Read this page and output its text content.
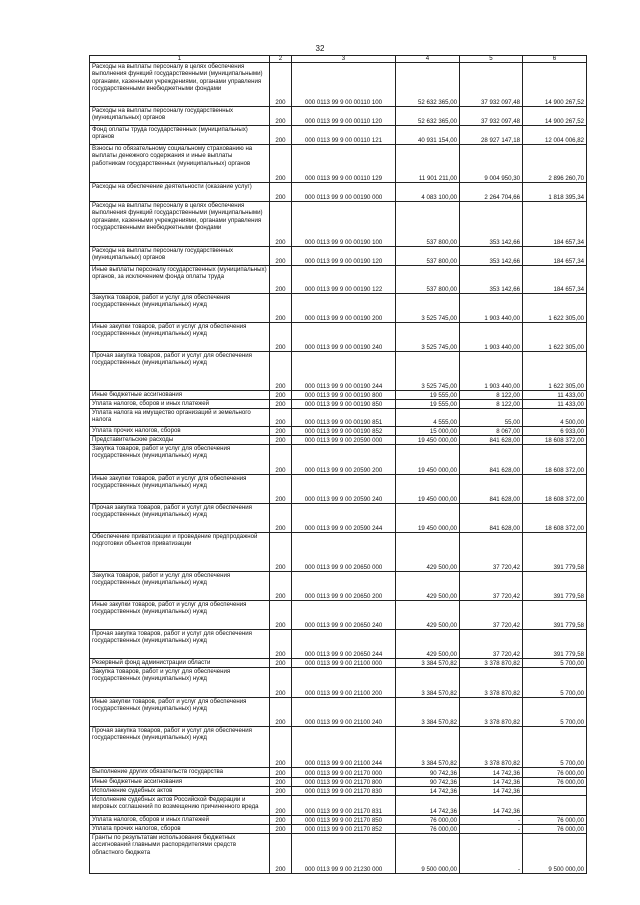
32
1	2	3	4	5	6
Расходы на выплаты персоналу в целях обеспечения выполнения функций государственными (муниципальными) органами, казенными учреждениями, органами управления государственными внебюджетными фондами	200	000 0113 99 9 00 00110 100	52 632 365,00	37 932 097,48	14 900 267,52
Расходы на выплаты персоналу государственных (муниципальных) органов	200	000 0113 99 9 00 00110 120	52 632 365,00	37 932 097,48	14 900 267,52
Фонд оплаты труда государственных (муниципальных) органов	200	000 0113 99 9 00 00110 121	40 931 154,00	28 927 147,18	12 004 006,82
Взносы по обязательному социальному страхованию на выплаты денежного содержания и иные выплаты работникам государственных (муниципальных) органов	200	000 0113 99 9 00 00110 129	11 901 211,00	9 004 950,30	2 896 260,70
Расходы на обеспечение деятельности (оказание услуг)	200	000 0113 99 9 00 00190 000	4 083 100,00	2 264 704,66	1 818 395,34
Расходы на выплаты персоналу в целях обеспечения выполнения функций государственными (муниципальными) органами, казенными учреждениями, органами управления государственными внебюджетными фондами	200	000 0113 99 9 00 00190 100	537 800,00	353 142,66	184 657,34
Расходы на выплаты персоналу государственных (муниципальных) органов	200	000 0113 99 9 00 00190 120	537 800,00	353 142,66	184 657,34
Иные выплаты персоналу государственных (муниципальных) органов, за исключением фонда оплаты труда	200	000 0113 99 9 00 00190 122	537 800,00	353 142,66	184 657,34
Закупка товаров, работ и услуг для обеспечения государственных (муниципальных) нужд	200	000 0113 99 9 00 00190 200	3 525 745,00	1 903 440,00	1 622 305,00
Иные закупки товаров, работ и услуг для обеспечения государственных (муниципальных) нужд	200	000 0113 99 9 00 00190 240	3 525 745,00	1 903 440,00	1 622 305,00
Прочая закупка товаров, работ и услуг для обеспечения государственных (муниципальных) нужд	200	000 0113 99 9 00 00190 244	3 525 745,00	1 903 440,00	1 622 305,00
Иные бюджетные ассигнования	200	000 0113 99 9 00 00190 800	19 555,00	8 122,00	11 433,00
Уплата налогов, сборов и иных платежей	200	000 0113 99 9 00 00190 850	19 555,00	8 122,00	11 433,00
Уплата налога на имущество организаций и земельного налога	200	000 0113 99 9 00 00190 851	4 555,00	55,00	4 500,00
Уплата прочих налогов, сборов	200	000 0113 99 9 00 00190 852	15 000,00	8 067,00	6 933,00
Представительские расходы	200	000 0113 99 9 00 20590 000	19 450 000,00	841 628,00	18 608 372,00
Закупка товаров, работ и услуг для обеспечения государственных (муниципальных) нужд	200	000 0113 99 9 00 20590 200	19 450 000,00	841 628,00	18 608 372,00
Иные закупки товаров, работ и услуг для обеспечения государственных (муниципальных) нужд	200	000 0113 99 9 00 20590 240	19 450 000,00	841 628,00	18 608 372,00
Прочая закупка товаров, работ и услуг для обеспечения государственных (муниципальных) нужд	200	000 0113 99 9 00 20590 244	19 450 000,00	841 628,00	18 608 372,00
Обеспечение приватизации и проведение предпродажной подготовки объектов приватизации	200	000 0113 99 9 00 20650 000	429 500,00	37 720,42	391 779,58
Закупка товаров, работ и услуг для обеспечения государственных (муниципальных) нужд	200	000 0113 99 9 00 20650 200	429 500,00	37 720,42	391 779,58
Иные закупки товаров, работ и услуг для обеспечения государственных (муниципальных) нужд	200	000 0113 99 9 00 20650 240	429 500,00	37 720,42	391 779,58
Прочая закупка товаров, работ и услуг для обеспечения государственных (муниципальных) нужд	200	000 0113 99 9 00 20650 244	429 500,00	37 720,42	391 779,58
Резервный фонд администрации области	200	000 0113 99 9 00 21100 000	3 384 570,82	3 378 870,82	5 700,00
Закупка товаров, работ и услуг для обеспечения государственных (муниципальных) нужд	200	000 0113 99 9 00 21100 200	3 384 570,82	3 378 870,82	5 700,00
Иные закупки товаров, работ и услуг для обеспечения государственных (муниципальных) нужд	200	000 0113 99 9 00 21100 240	3 384 570,82	3 378 870,82	5 700,00
Прочая закупка товаров, работ и услуг для обеспечения государственных (муниципальных) нужд	200	000 0113 99 9 00 21100 244	3 384 570,82	3 378 870,82	5 700,00
Выполнение других обязательств государства	200	000 0113 99 9 00 21170 000	90 742,36	14 742,36	76 000,00
Иные бюджетные ассигнования	200	000 0113 99 9 00 21170 800	90 742,36	14 742,36	76 000,00
Исполнение судебных актов	200	000 0113 99 9 00 21170 830	14 742,36	14 742,36	
Исполнение судебных актов Российской Федерации и мировых соглашений по возмещению причиненного вреда	200	000 0113 99 9 00 21170 831	14 742,36	14 742,36	
Уплата налогов, сборов и иных платежей	200	000 0113 99 9 00 21170 850	76 000,00	-	76 000,00
Уплата прочих налогов, сборов	200	000 0113 99 9 00 21170 852	76 000,00	-	76 000,00
Гранты по результатам использования бюджетных ассигнований главными распорядителями средств областного бюджета	200	000 0113 99 9 00 21230 000	9 500 000,00	-	9 500 000,00
